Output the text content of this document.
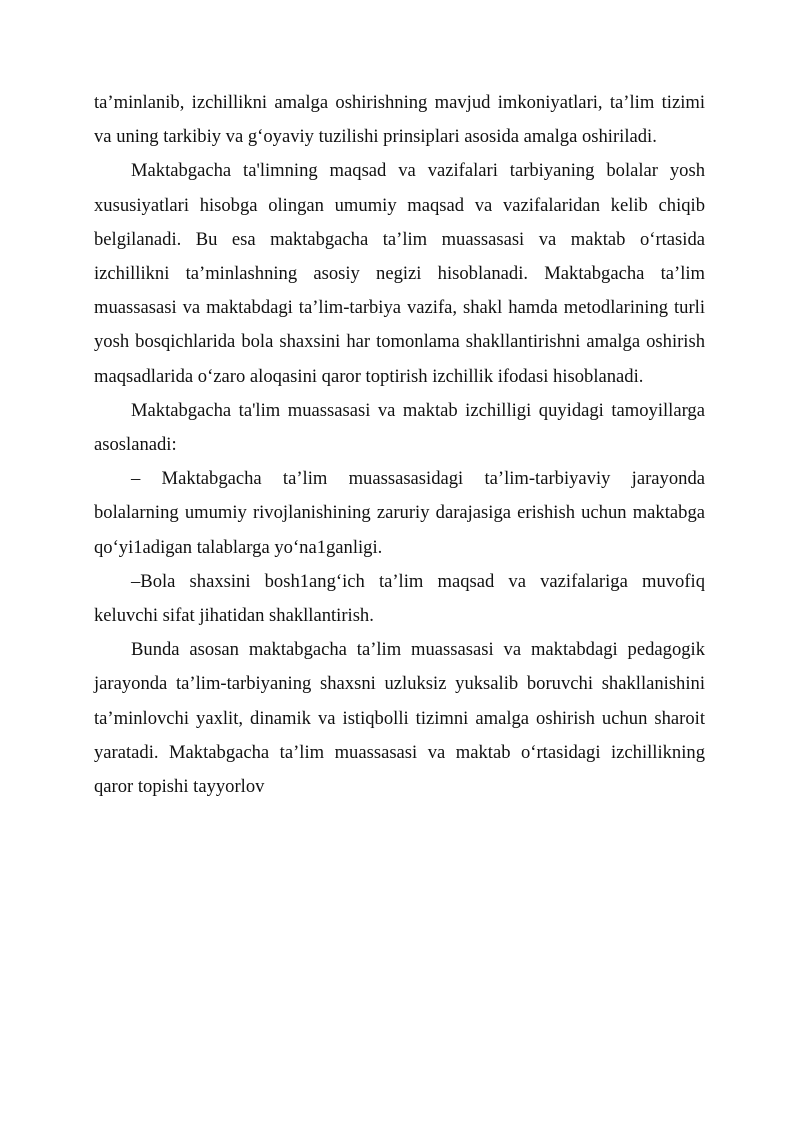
ta’minlanib, izchillikni amalga oshirishning mavjud imkoniyatlari, ta’lim tizimi va uning tarkibiy va g‘oyaviy tuzilishi prinsiplari asosida amalga oshiriladi.

Maktabgacha ta'limning maqsad va vazifalari tarbiyaning bolalar yosh xususiyatlari hisobga olingan umumiy maqsad va vazifalaridan kelib chiqib belgilanadi. Bu esa maktabgacha ta’lim muassasasi va maktab o‘rtasida izchillikni ta’minlashning asosiy negizi hisoblanadi. Maktabgacha ta’lim muassasasi va maktabdagi ta’lim-tarbiya vazifa, shakl hamda metodlarining turli yosh bosqichlarida bola shaxsini har tomonlama shakllantirishni amalga oshirish maqsadlarida o‘zaro aloqasini qaror toptirish izchillik ifodasi hisoblanadi.

Maktabgacha ta'lim muassasasi va maktab izchilligi quyidagi tamoyillarga asoslanadi:

– Maktabgacha ta’lim muassasasidagi ta’lim-tarbiyaviy jarayonda bolalarning umumiy rivojlanishining zaruriy darajasiga erishish uchun maktabga qo‘yi1adigan talablarga yo‘na1ganligi.

–Bola shaxsini bosh1ang‘ich ta’lim maqsad va vazifalariga muvofiq keluvchi sifat jihatidan shakllantirish.

Bunda asosan maktabgacha ta’lim muassasasi va maktabdagi pedagogik jarayonda ta’lim-tarbiyaning shaxsni uzluksiz yuksalib boruvchi shakllanishini ta’minlovchi yaxlit, dinamik va istiqbolli tizimni amalga oshirish uchun sharoit yaratadi. Maktabgacha ta’lim muassasasi va maktab o‘rtasidagi izchillikning qaror topishi tayyorlov
